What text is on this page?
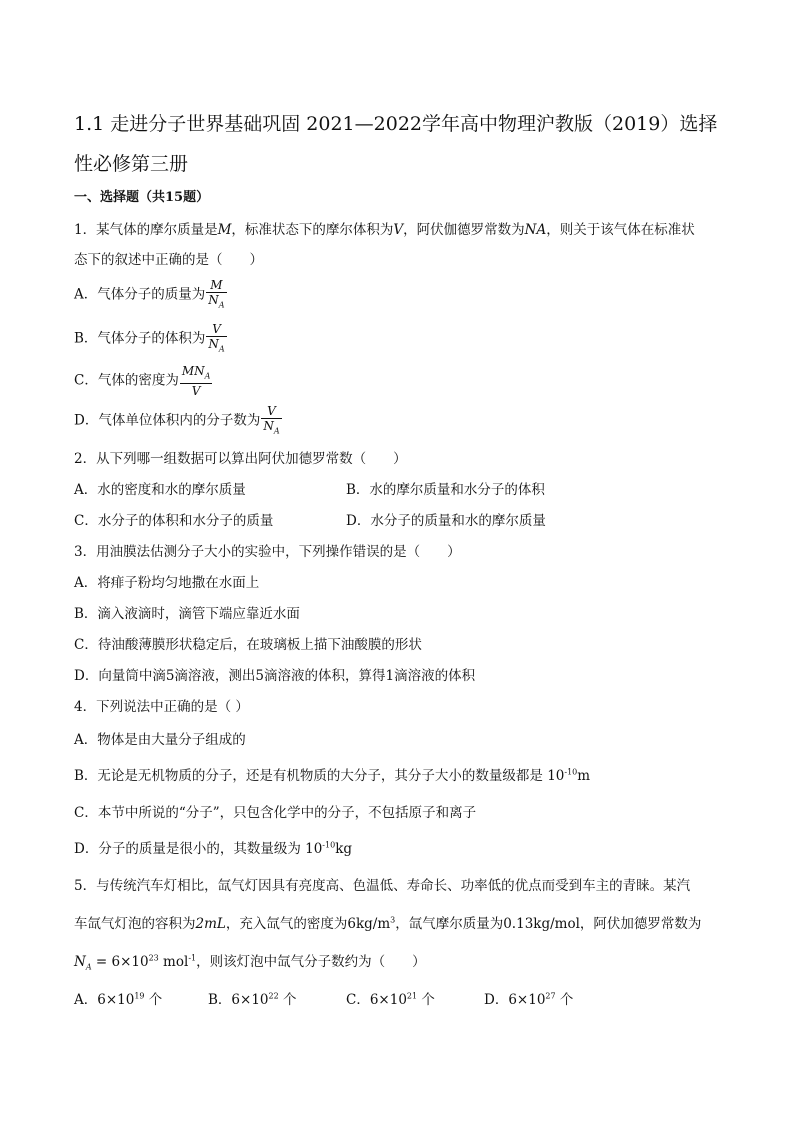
1.1 走进分子世界基础巩固 2021—2022学年高中物理沪教版（2019）选择性必修第三册
一、选择题（共15题）
1．某气体的摩尔质量是M，标准状态下的摩尔体积为V，阿伏伽德罗常数为NA，则关于该气体在标准状
态下的叙述中正确的是（　　）
A．气体分子的质量为 $\frac{M}{N_A}$
B．气体分子的体积为 $\frac{V}{N_A}$
C．气体的密度为 $\frac{MN_A}{V}$
D．气体单位体积内的分子数为 $\frac{V}{N_A}$
2．从下列哪一组数据可以算出阿伏加德罗常数（　　）
A．水的密度和水的摩尔质量	B．水的摩尔质量和水分子的体积
C．水分子的体积和水分子的质量	D．水分子的质量和水的摩尔质量
3．用油膜法估测分子大小的实验中，下列操作错误的是（　　）
A．将痱子粉均匀地撒在水面上
B．滴入液滴时，滴管下端应靠近水面
C．待油酸薄膜形状稳定后，在玻璃板上描下油酸膜的形状
D．向量筒中滴5滴溶液，测出5滴溶液的体积，算得1滴溶液的体积
4．下列说法中正确的是（ ）
A．物体是由大量分子组成的
B．无论是无机物质的分子，还是有机物质的大分子，其分子大小的数量级都是 $10^{-10}m$
C．本节中所说的“分子”，只包含化学中的分子，不包括原子和离子
D．分子的质量是很小的，其数量级为 $10^{-10}kg$
5．与传统汽车灯相比，氙气灯因具有亮度高、色温低、寿命长、功率低的优点而受到车主的青睐。某汽
车氙气灯泡的容积为2mL，充入氙气的密度为$6kg/m^3$，氙气摩尔质量为0.13kg/mol，阿伏加德罗常数为
$N_A = 6\times 10^{23}$ mol$^{-1}$，则该灯泡中氙气分子数约为（　　）
A．$6\times 10^{19}$ 个	B．$6\times 10^{22}$ 个	C．$6\times 10^{21}$ 个	D．$6\times 10^{27}$ 个
